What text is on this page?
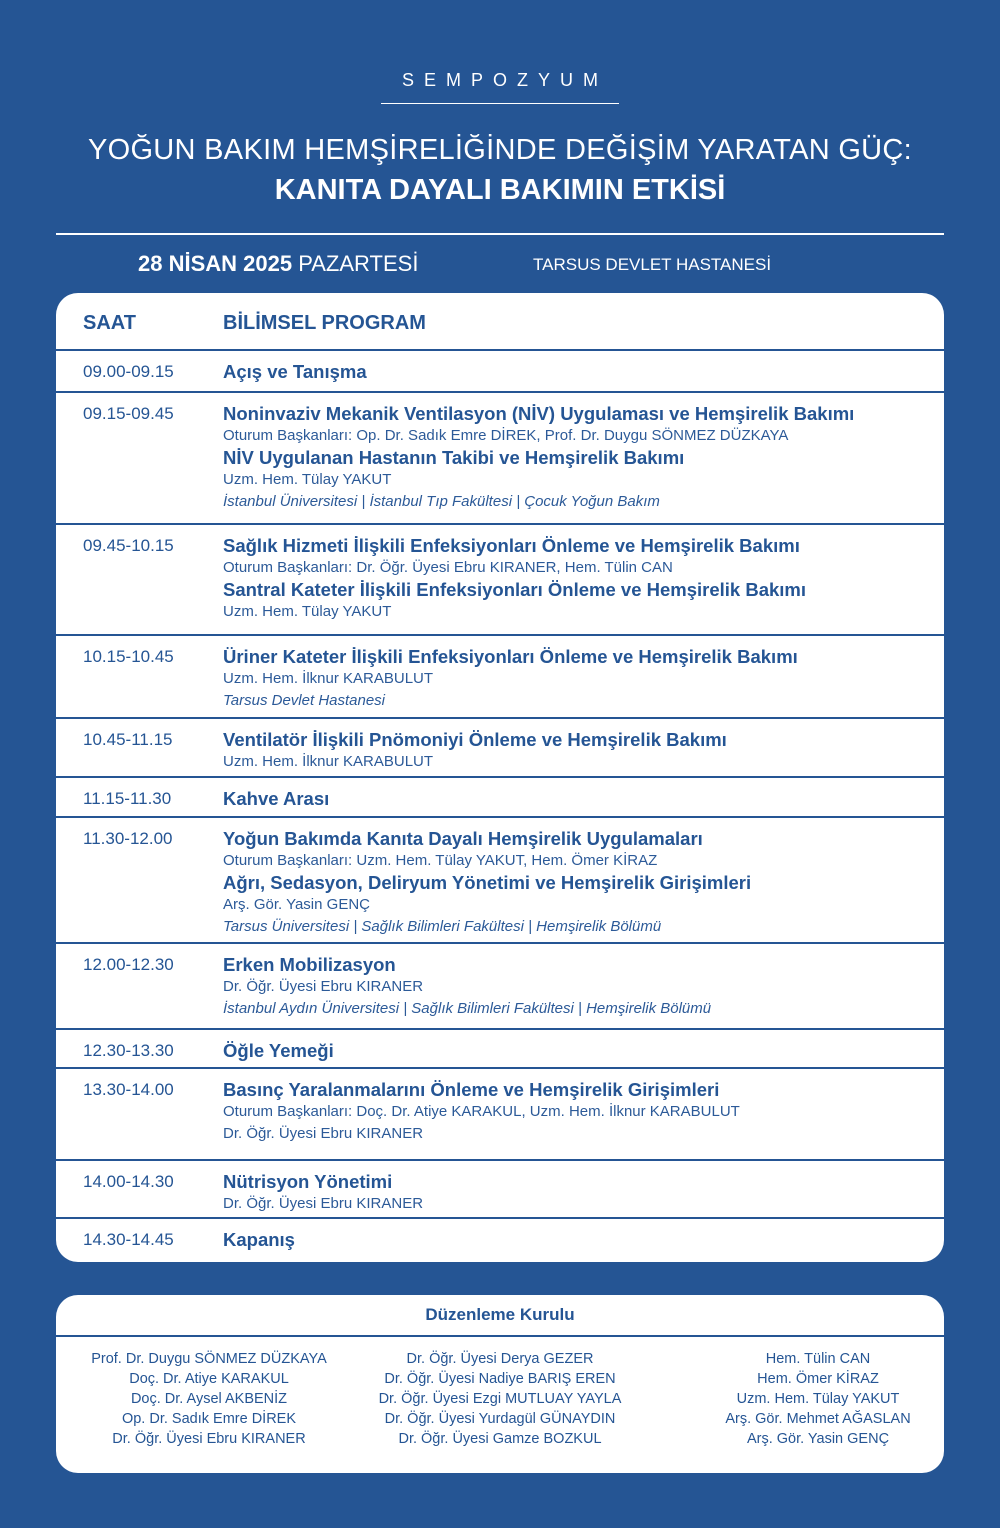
SEMPOZYUM
YOĞUN BAKIM HEMŞİRELİĞİNDE DEĞİŞİM YARATAN GÜÇ:
KANITA DAYALI BAKIMIN ETKİSİ
28 NİSAN 2025 PAZARTESİ	TARSUS DEVLET HASTANESİ
SAAT	BİLİMSEL PROGRAM
09.00-09.15	Açış ve Tanışma
09.15-09.45	Noninvaziv Mekanik Ventilasyon (NİV) Uygulaması ve Hemşirelik Bakımı
Oturum Başkanları: Op. Dr. Sadık Emre DİREK, Prof. Dr. Duygu SÖNMEZ DÜZKAYA
NİV Uygulanan Hastanın Takibi ve Hemşirelik Bakımı
Uzm. Hem. Tülay YAKUT
İstanbul Üniversitesi | İstanbul Tıp Fakültesi | Çocuk Yoğun Bakım
09.45-10.15	Sağlık Hizmeti İlişkili Enfeksiyonları Önleme ve Hemşirelik Bakımı
Oturum Başkanları: Dr. Öğr. Üyesi Ebru KIRANER, Hem. Tülin CAN
Santral Kateter İlişkili Enfeksiyonları Önleme ve Hemşirelik Bakımı
Uzm. Hem. Tülay YAKUT
10.15-10.45	Üriner Kateter İlişkili Enfeksiyonları Önleme ve Hemşirelik Bakımı
Uzm. Hem. İlknur KARABULUT
Tarsus Devlet Hastanesi
10.45-11.15	Ventilatör İlişkili Pnömoniyi Önleme ve Hemşirelik Bakımı
Uzm. Hem. İlknur KARABULUT
11.15-11.30	Kahve Arası
11.30-12.00	Yoğun Bakımda Kanıta Dayalı Hemşirelik Uygulamaları
Oturum Başkanları: Uzm. Hem. Tülay YAKUT, Hem. Ömer KİRAZ
Ağrı, Sedasyon, Deliryum Yönetimi ve Hemşirelik Girişimleri
Arş. Gör. Yasin GENÇ
Tarsus Üniversitesi | Sağlık Bilimleri Fakültesi | Hemşirelik Bölümü
12.00-12.30	Erken Mobilizasyon
Dr. Öğr. Üyesi Ebru KIRANER
İstanbul Aydın Üniversitesi | Sağlık Bilimleri Fakültesi | Hemşirelik Bölümü
12.30-13.30	Öğle Yemeği
13.30-14.00	Basınç Yaralanmalarını Önleme ve Hemşirelik Girişimleri
Oturum Başkanları: Doç. Dr. Atiye KARAKUL, Uzm. Hem. İlknur KARABULUT
Dr. Öğr. Üyesi Ebru KIRANER
14.00-14.30	Nütrisyon Yönetimi
Dr. Öğr. Üyesi Ebru KIRANER
14.30-14.45	Kapanış
Düzenleme Kurulu
Prof. Dr. Duygu SÖNMEZ DÜZKAYA
Doç. Dr. Atiye KARAKUL
Doç. Dr. Aysel AKBENİZ
Op. Dr. Sadık Emre DİREK
Dr. Öğr. Üyesi Ebru KIRANER
Dr. Öğr. Üyesi Derya GEZER
Dr. Öğr. Üyesi Nadiye BARIŞ EREN
Dr. Öğr. Üyesi Ezgi MUTLUAY YAYLA
Dr. Öğr. Üyesi Yurdagül GÜNAYDIN
Dr. Öğr. Üyesi Gamze BOZKUL
Hem. Tülin CAN
Hem. Ömer KİRAZ
Uzm. Hem. Tülay YAKUT
Arş. Gör. Mehmet AĞASLAN
Arş. Gör. Yasin GENÇ
